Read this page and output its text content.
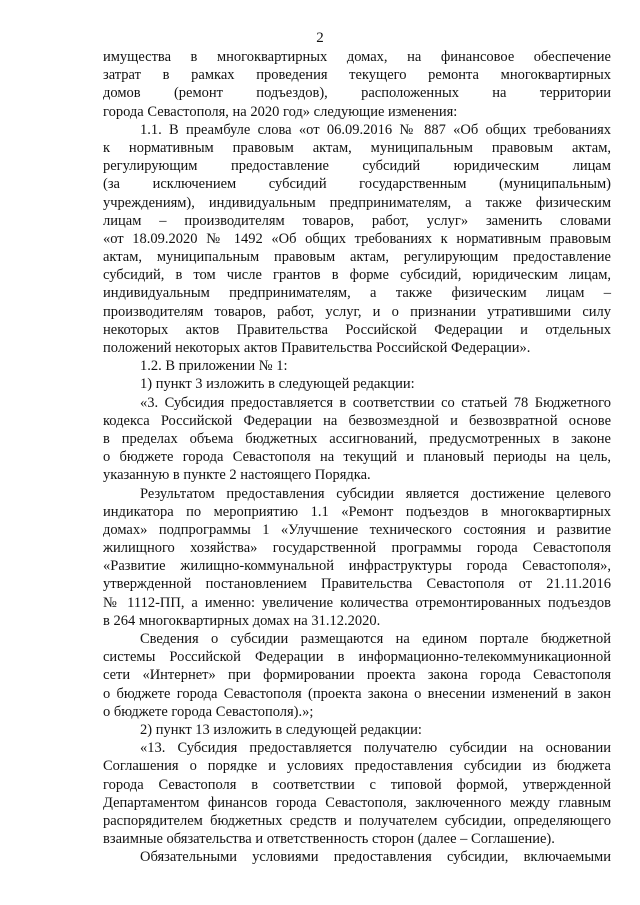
2
имущества в многоквартирных домах, на финансовое обеспечение
затрат в рамках проведения текущего ремонта многоквартирных
домов (ремонт подъездов), расположенных на территории
города Севастополя, на 2020 год» следующие изменения:
1.1. В преамбуле слова «от 06.09.2016 № 887 «Об общих требованиях
к нормативным правовым актам, муниципальным правовым актам,
регулирующим предоставление субсидий юридическим лицам
(за исключением субсидий государственным (муниципальным)
учреждениям), индивидуальным предпринимателям, а также физическим
лицам – производителям товаров, работ, услуг» заменить словами
«от 18.09.2020 № 1492 «Об общих требованиях к нормативным правовым
актам, муниципальным правовым актам, регулирующим предоставление
субсидий, в том числе грантов в форме субсидий, юридическим лицам,
индивидуальным предпринимателям, а также физическим лицам –
производителям товаров, работ, услуг, и о признании утратившими силу
некоторых актов Правительства Российской Федерации и отдельных
положений некоторых актов Правительства Российской Федерации».
1.2. В приложении № 1:
1) пункт 3 изложить в следующей редакции:
«3. Субсидия предоставляется в соответствии со статьей 78 Бюджетного
кодекса Российской Федерации на безвозмездной и безвозвратной основе
в пределах объема бюджетных ассигнований, предусмотренных в законе
о бюджете города Севастополя на текущий и плановый периоды на цель,
указанную в пункте 2 настоящего Порядка.
Результатом предоставления субсидии является достижение целевого
индикатора по мероприятию 1.1 «Ремонт подъездов в многоквартирных
домах» подпрограммы 1 «Улучшение технического состояния и развитие
жилищного хозяйства» государственной программы города Севастополя
«Развитие жилищно-коммунальной инфраструктуры города Севастополя»,
утвержденной постановлением Правительства Севастополя от 21.11.2016
№ 1112-ПП, а именно: увеличение количества отремонтированных подъездов
в 264 многоквартирных домах на 31.12.2020.
Сведения о субсидии размещаются на едином портале бюджетной
системы Российской Федерации в информационно-телекоммуникационной
сети «Интернет» при формировании проекта закона города Севастополя
о бюджете города Севастополя (проекта закона о внесении изменений в закон
о бюджете города Севастополя).»;
2) пункт 13 изложить в следующей редакции:
«13. Субсидия предоставляется получателю субсидии на основании
Соглашения о порядке и условиях предоставления субсидии из бюджета
города Севастополя в соответствии с типовой формой, утвержденной
Департаментом финансов города Севастополя, заключенного между главным
распорядителем бюджетных средств и получателем субсидии, определяющего
взаимные обязательства и ответственность сторон (далее – Соглашение).
Обязательными условиями предоставления субсидии, включаемыми
